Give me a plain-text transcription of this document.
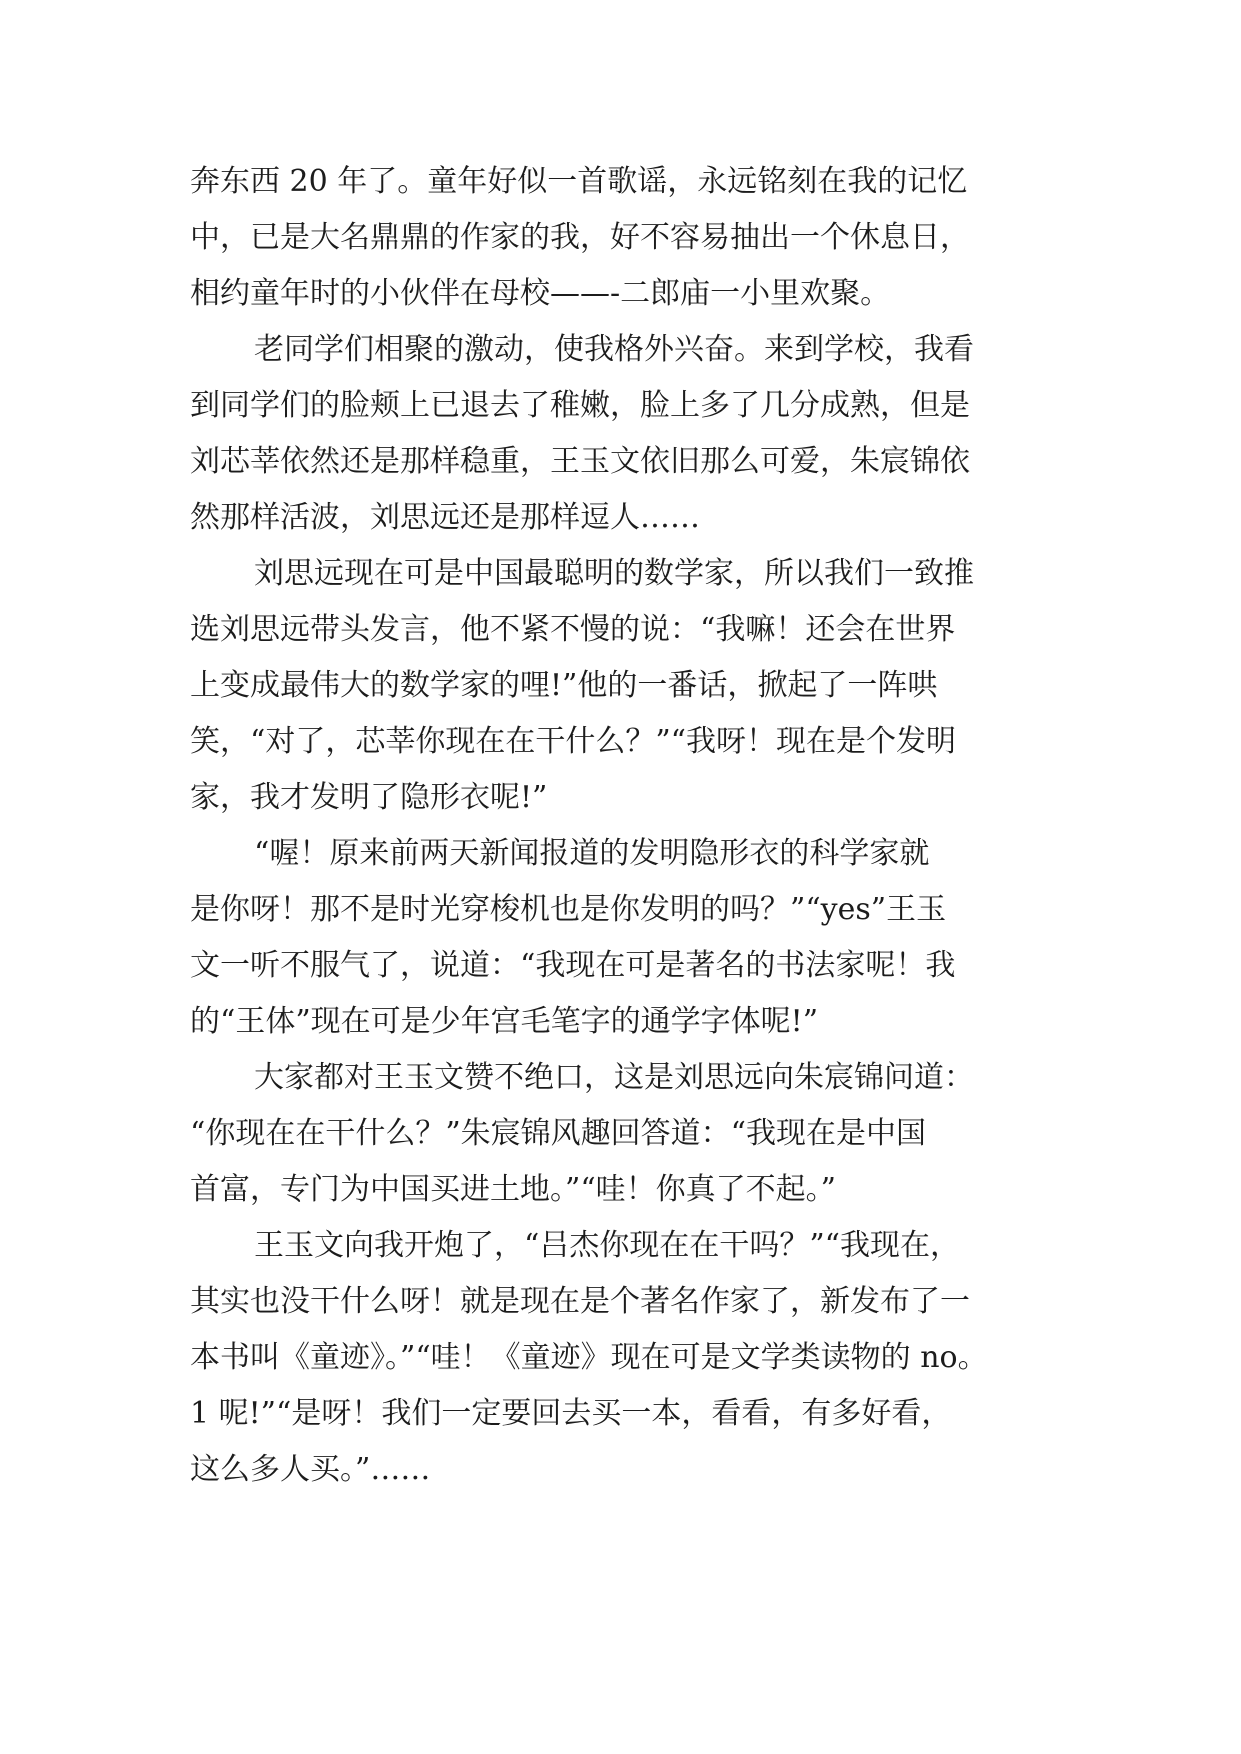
奔东西 20 年了。童年好似一首歌谣，永远铭刻在我的记忆
中，已是大名鼎鼎的作家的我，好不容易抽出一个休息日，
相约童年时的小伙伴在母校——-二郎庙一小里欢聚。
老同学们相聚的激动，使我格外兴奋。来到学校，我看
到同学们的脸颊上已退去了稚嫩，脸上多了几分成熟，但是
刘芯莘依然还是那样稳重，王玉文依旧那么可爱，朱宸锦依
然那样活波，刘思远还是那样逗人……
刘思远现在可是中国最聪明的数学家，所以我们一致推
选刘思远带头发言，他不紧不慢的说：“我嘛！还会在世界
上变成最伟大的数学家的哩!”他的一番话，掀起了一阵哄
笑，“对了，芯莘你现在在干什么？”“我呀！现在是个发明
家，我才发明了隐形衣呢!”
“喔！原来前两天新闻报道的发明隐形衣的科学家就
是你呀！那不是时光穿梭机也是你发明的吗？”“yes”王玉
文一听不服气了，说道：“我现在可是著名的书法家呢！我
的“王体”现在可是少年宫毛笔字的通学字体呢!”
大家都对王玉文赞不绝口，这是刘思远向朱宸锦问道：
“你现在在干什么？”朱宸锦风趣回答道：“我现在是中国
首富，专门为中国买进土地。”“哇！你真了不起。”
王玉文向我开炮了，“吕杰你现在在干吗？”“我现在，
其实也没干什么呀！就是现在是个著名作家了，新发布了一
本书叫《童迹》。”“哇！《童迹》现在可是文学类读物的 no。
1 呢!”“是呀！我们一定要回去买一本，看看，有多好看，
这么多人买。”……
